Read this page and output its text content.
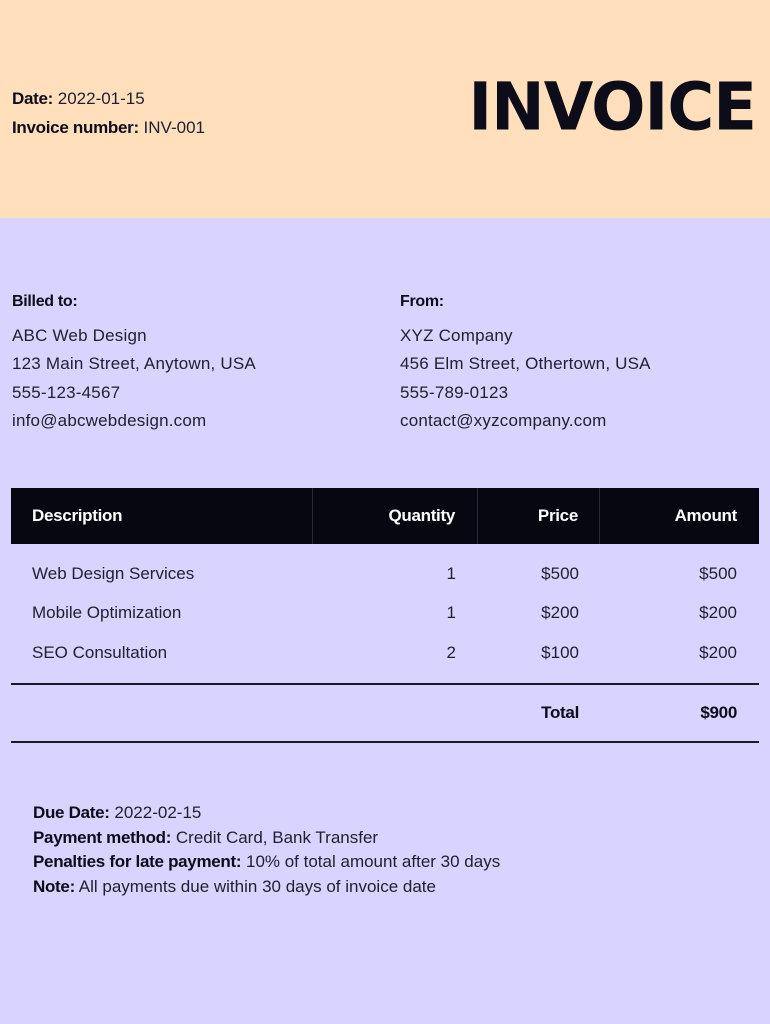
Date: 2022-01-15
Invoice number: INV-001	INVOICE
Billed to:
ABC Web Design
123 Main Street, Anytown, USA
555-123-4567
info@abcwebdesign.com
From:
XYZ Company
456 Elm Street, Othertown, USA
555-789-0123
contact@xyzcompany.com
Description	Quantity	Price	Amount
Web Design Services	1	$500	$500
Mobile Optimization	1	$200	$200
SEO Consultation	2	$100	$200
Total	$900
Due Date: 2022-02-15
Payment method: Credit Card, Bank Transfer
Penalties for late payment: 10% of total amount after 30 days
Note: All payments due within 30 days of invoice date
